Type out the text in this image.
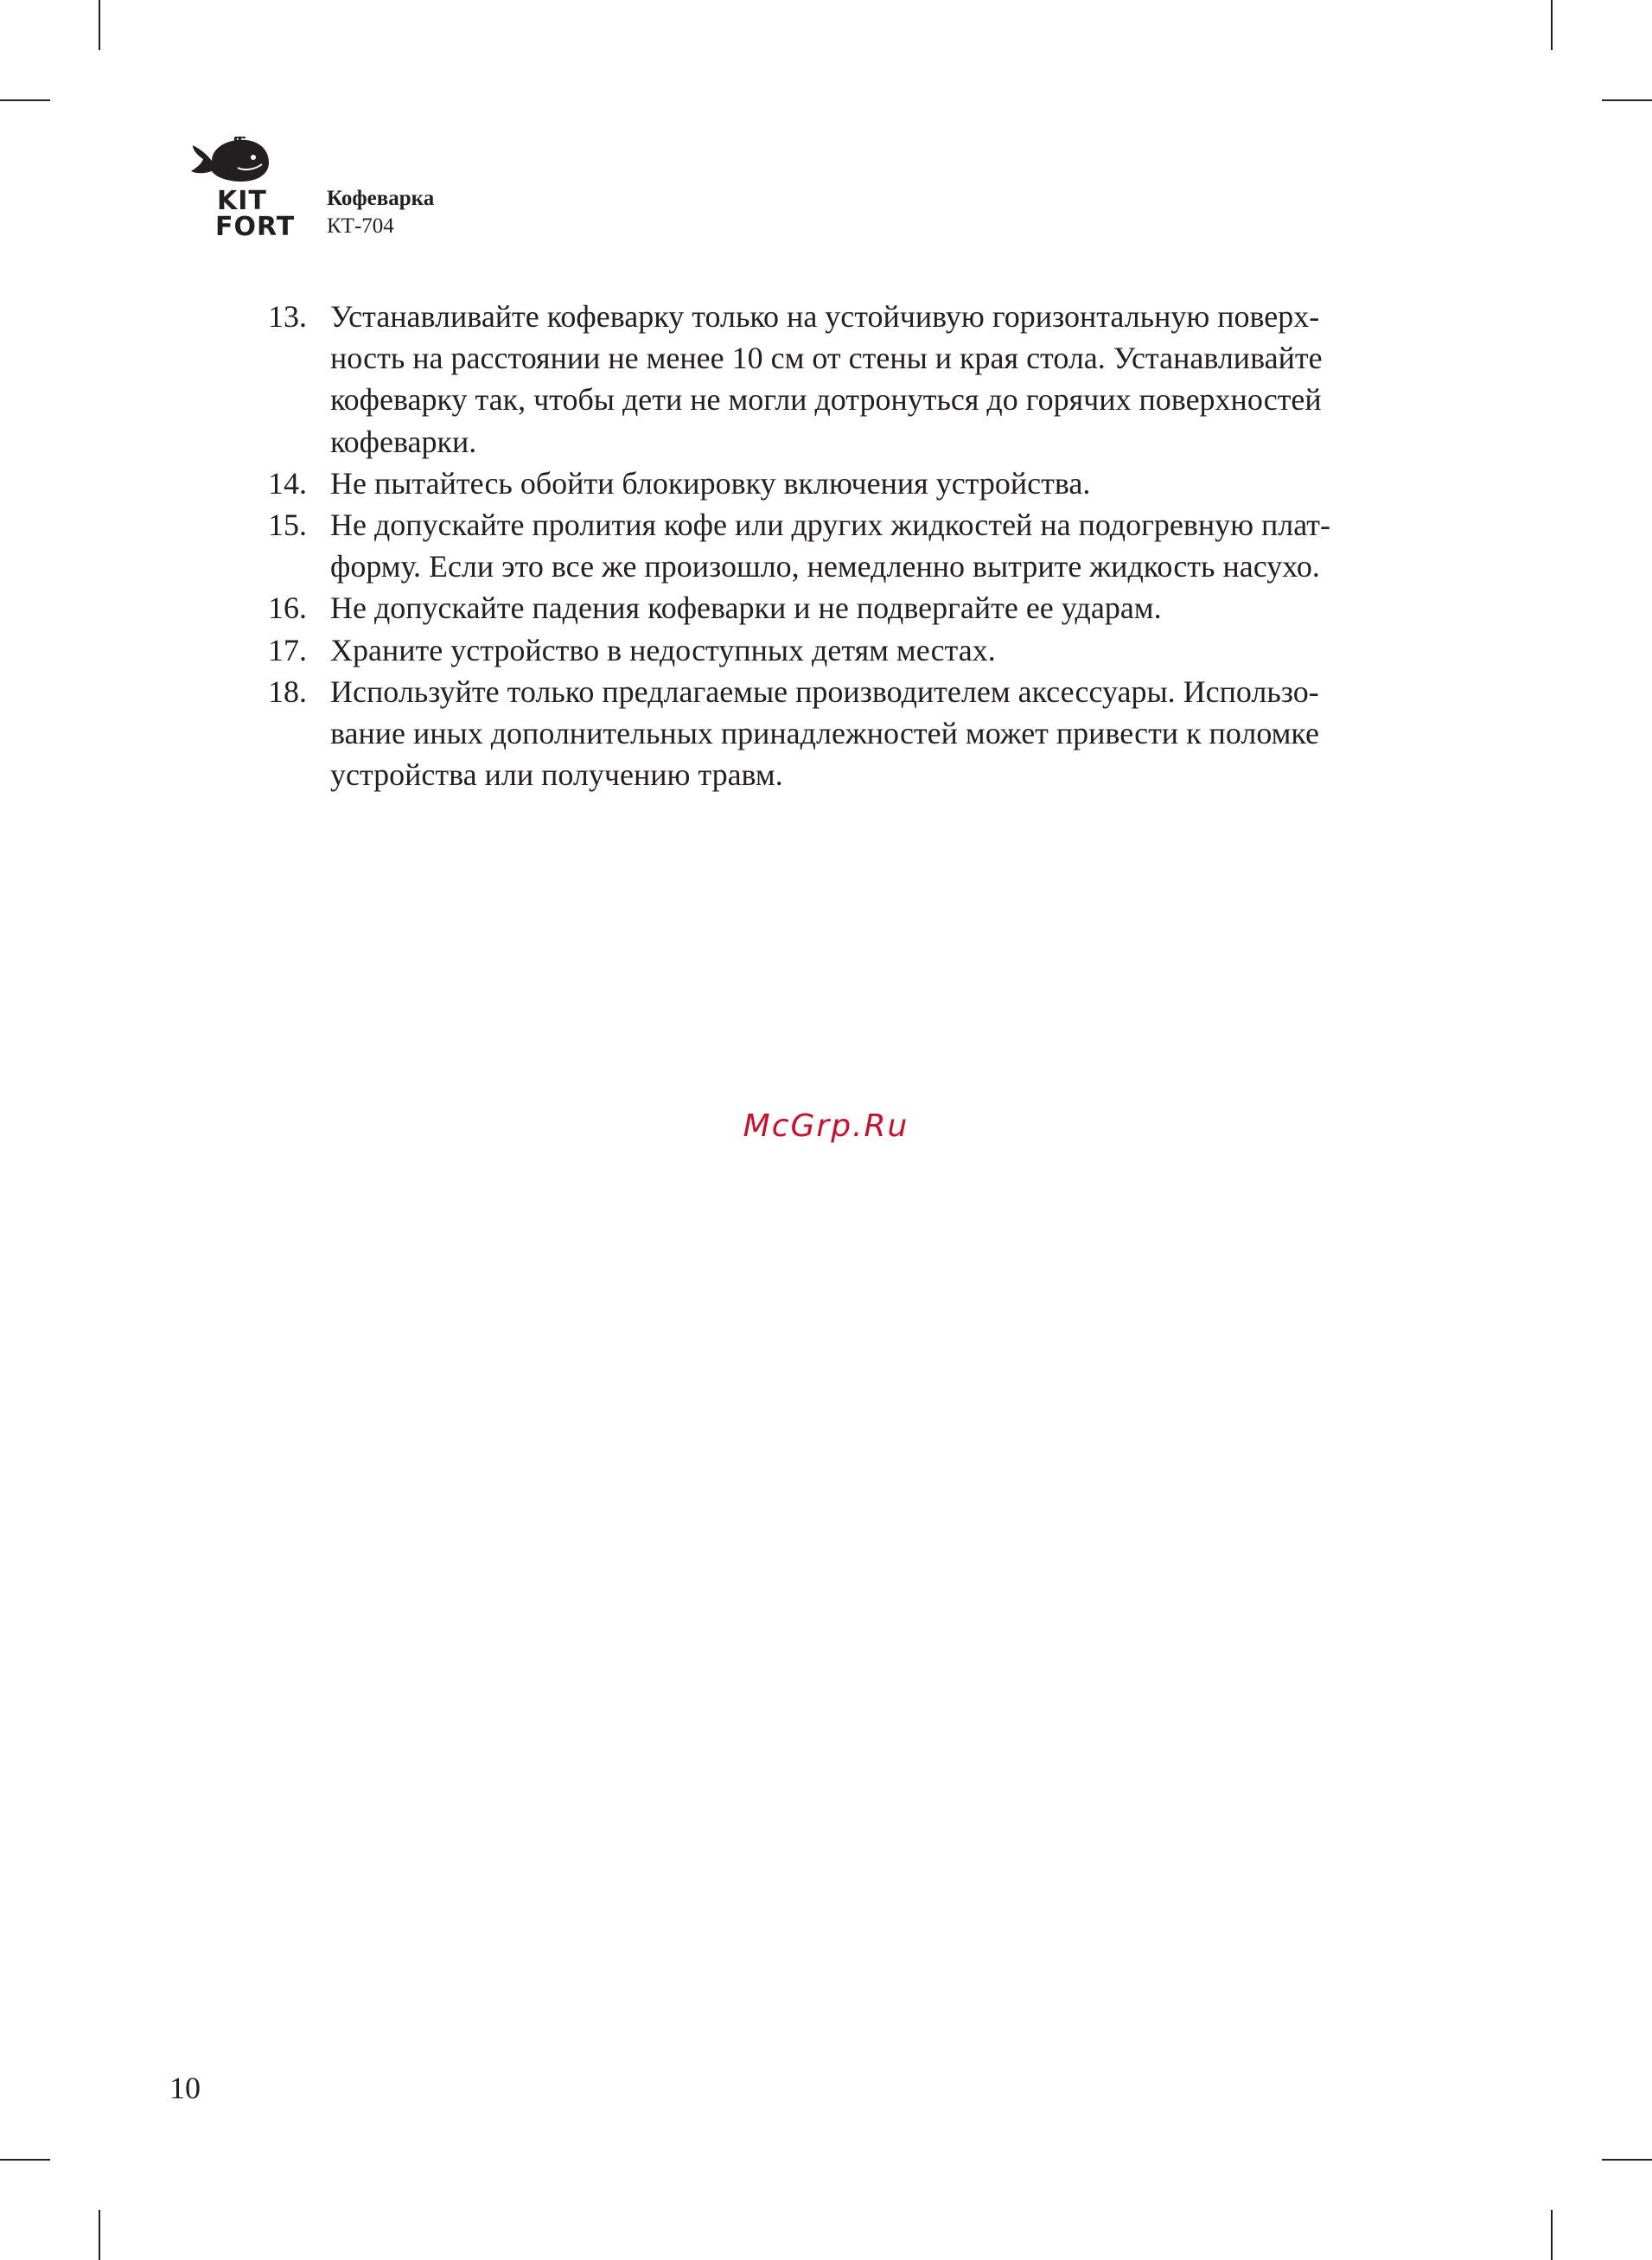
KIT
FORT
Кофеварка
КТ-704
13. Устанавливайте кофеварку только на устойчивую горизонтальную поверх-
ность на расстоянии не менее 10 см от стены и края стола. Устанавливайте
кофеварку так, чтобы дети не могли дотронуться до горячих поверхностей
кофеварки.
14. Не пытайтесь обойти блокировку включения устройства.
15. Не допускайте пролития кофе или других жидкостей на подогревную плат-
форму. Если это все же произошло, немедленно вытрите жидкость насухо.
16. Не допускайте падения кофеварки и не подвергайте ее ударам.
17. Храните устройство в недоступных детям местах.
18. Используйте только предлагаемые производителем аксессуары. Использо-
вание иных дополнительных принадлежностей может привести к поломке
устройства или получению травм.
McGrp.Ru
10
